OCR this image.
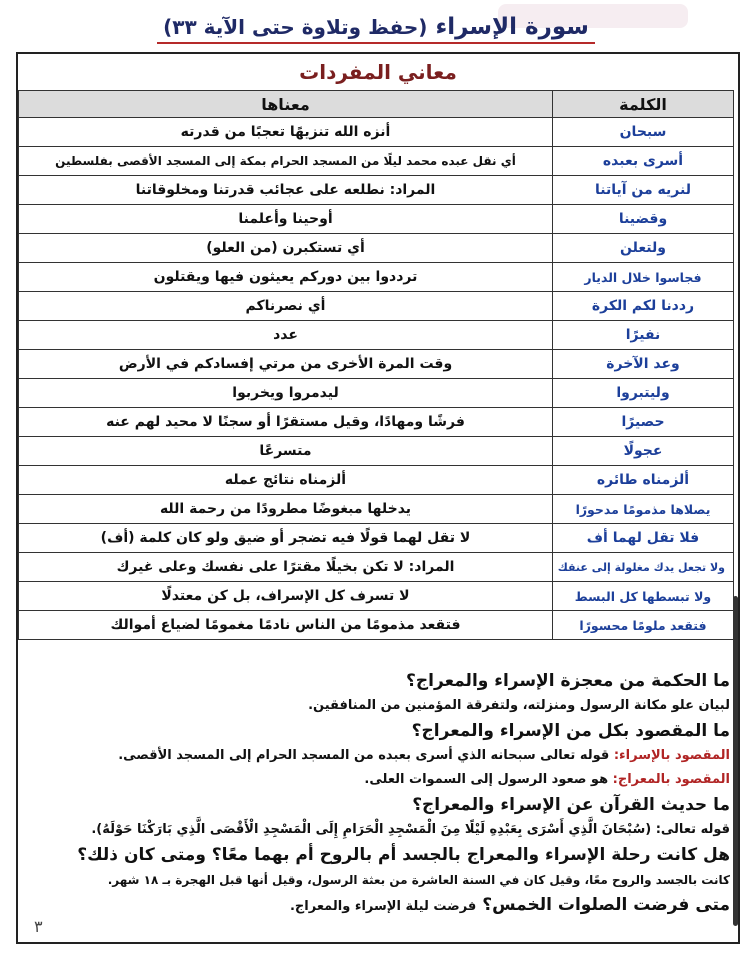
سورة الإسراء (حفظ وتلاوة حتى الآية ٣٣)
معاني المفردات
الكلمة	معناها
سبحان	أنزه الله تنزيهًا تعجبًا من قدرته
أسرى بعبده	أي نقل عبده محمد ليلًا من المسجد الحرام بمكة إلى المسجد الأقصى بفلسطين
لنريه من آياتنا	المراد: نطلعه على عجائب قدرتنا ومخلوقاتنا
وقضينا	أوحينا وأعلمنا
ولتعلن	أي تستكبرن (من العلو)
فجاسوا خلال الديار	ترددوا بين دوركم يعيثون فيها ويقتلون
رددنا لكم الكرة	أي نصرناكم
نفيرًا	عدد
وعد الآخرة	وقت المرة الأخرى من مرتي إفسادكم في الأرض
وليتبروا	ليدمروا ويخربوا
حصيرًا	فرشًا ومهادًا، وقيل مستقرًا أو سجنًا لا محيد لهم عنه
عجولًا	متسرعًا
ألزمناه طائره	ألزمناه نتائج عمله
يصلاها مذمومًا مدحورًا	يدخلها مبغوضًا مطرودًا من رحمة الله
فلا تقل لهما أف	لا تقل لهما قولًا فيه تضجر أو ضيق ولو كان كلمة (أف)
ولا تجعل يدك مغلولة إلى عنقك	المراد: لا تكن بخيلًا مقترًا على نفسك وعلى غيرك
ولا تبسطها كل البسط	لا تسرف كل الإسراف، بل كن معتدلًا
فتقعد ملومًا محسورًا	فتقعد مذمومًا من الناس نادمًا مغمومًا لضياع أموالك

ما الحكمة من معجزة الإسراء والمعراج؟

لبيان علو مكانة الرسول ومنزلته، ولتفرقة المؤمنين من المنافقين.

ما المقصود بكل من الإسراء والمعراج؟

المقصود بالإسراء: قوله تعالى سبحانه الذي أسرى بعبده من المسجد الحرام إلى المسجد الأقصى.

المقصود بالمعراج: هو صعود الرسول إلى السموات العلى.

ما حديث القرآن عن الإسراء والمعراج؟

قوله تعالى: (سُبْحَانَ الَّذِي أَسْرَى بِعَبْدِهِ لَيْلًا مِنَ الْمَسْجِدِ الْحَرَامِ إِلَى الْمَسْجِدِ الْأَقْصَى الَّذِي بَارَكْنَا حَوْلَهُ).

هل كانت رحلة الإسراء والمعراج بالجسد أم بالروح أم بهما معًا؟ ومتى كان ذلك؟

كانت بالجسد والروح معًا، وقيل كان في السنة العاشرة من بعثة الرسول، وقيل أنها قبل الهجرة بـ ١٨ شهر.

متى فرضت الصلوات الخمس؟ فرضت ليلة الإسراء والمعراج.

٣
